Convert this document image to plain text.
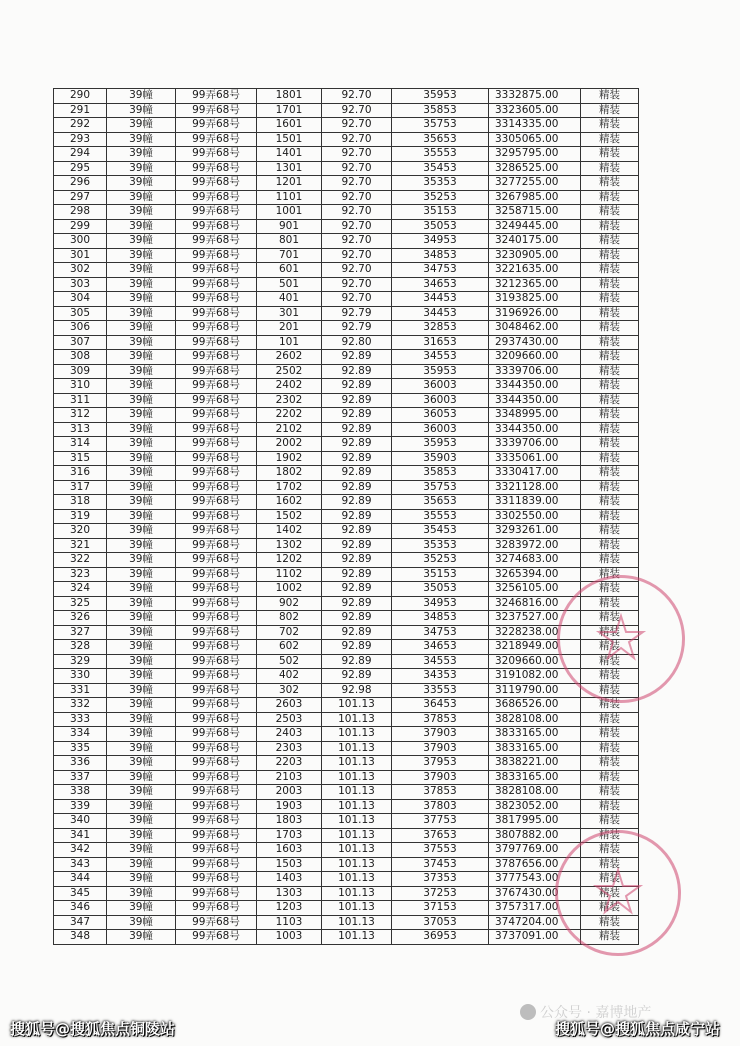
290	39幢	99弄68号	1801	92.70	35953	3332875.00	精装
291	39幢	99弄68号	1701	92.70	35853	3323605.00	精装
292	39幢	99弄68号	1601	92.70	35753	3314335.00	精装
293	39幢	99弄68号	1501	92.70	35653	3305065.00	精装
294	39幢	99弄68号	1401	92.70	35553	3295795.00	精装
295	39幢	99弄68号	1301	92.70	35453	3286525.00	精装
296	39幢	99弄68号	1201	92.70	35353	3277255.00	精装
297	39幢	99弄68号	1101	92.70	35253	3267985.00	精装
298	39幢	99弄68号	1001	92.70	35153	3258715.00	精装
299	39幢	99弄68号	901	92.70	35053	3249445.00	精装
300	39幢	99弄68号	801	92.70	34953	3240175.00	精装
301	39幢	99弄68号	701	92.70	34853	3230905.00	精装
302	39幢	99弄68号	601	92.70	34753	3221635.00	精装
303	39幢	99弄68号	501	92.70	34653	3212365.00	精装
304	39幢	99弄68号	401	92.70	34453	3193825.00	精装
305	39幢	99弄68号	301	92.79	34453	3196926.00	精装
306	39幢	99弄68号	201	92.79	32853	3048462.00	精装
307	39幢	99弄68号	101	92.80	31653	2937430.00	精装
308	39幢	99弄68号	2602	92.89	34553	3209660.00	精装
309	39幢	99弄68号	2502	92.89	35953	3339706.00	精装
310	39幢	99弄68号	2402	92.89	36003	3344350.00	精装
311	39幢	99弄68号	2302	92.89	36003	3344350.00	精装
312	39幢	99弄68号	2202	92.89	36053	3348995.00	精装
313	39幢	99弄68号	2102	92.89	36003	3344350.00	精装
314	39幢	99弄68号	2002	92.89	35953	3339706.00	精装
315	39幢	99弄68号	1902	92.89	35903	3335061.00	精装
316	39幢	99弄68号	1802	92.89	35853	3330417.00	精装
317	39幢	99弄68号	1702	92.89	35753	3321128.00	精装
318	39幢	99弄68号	1602	92.89	35653	3311839.00	精装
319	39幢	99弄68号	1502	92.89	35553	3302550.00	精装
320	39幢	99弄68号	1402	92.89	35453	3293261.00	精装
321	39幢	99弄68号	1302	92.89	35353	3283972.00	精装
322	39幢	99弄68号	1202	92.89	35253	3274683.00	精装
323	39幢	99弄68号	1102	92.89	35153	3265394.00	精装
324	39幢	99弄68号	1002	92.89	35053	3256105.00	精装
325	39幢	99弄68号	902	92.89	34953	3246816.00	精装
326	39幢	99弄68号	802	92.89	34853	3237527.00	精装
327	39幢	99弄68号	702	92.89	34753	3228238.00	精装
328	39幢	99弄68号	602	92.89	34653	3218949.00	精装
329	39幢	99弄68号	502	92.89	34553	3209660.00	精装
330	39幢	99弄68号	402	92.89	34353	3191082.00	精装
331	39幢	99弄68号	302	92.98	33553	3119790.00	精装
332	39幢	99弄68号	2603	101.13	36453	3686526.00	精装
333	39幢	99弄68号	2503	101.13	37853	3828108.00	精装
334	39幢	99弄68号	2403	101.13	37903	3833165.00	精装
335	39幢	99弄68号	2303	101.13	37903	3833165.00	精装
336	39幢	99弄68号	2203	101.13	37953	3838221.00	精装
337	39幢	99弄68号	2103	101.13	37903	3833165.00	精装
338	39幢	99弄68号	2003	101.13	37853	3828108.00	精装
339	39幢	99弄68号	1903	101.13	37803	3823052.00	精装
340	39幢	99弄68号	1803	101.13	37753	3817995.00	精装
341	39幢	99弄68号	1703	101.13	37653	3807882.00	精装
342	39幢	99弄68号	1603	101.13	37553	3797769.00	精装
343	39幢	99弄68号	1503	101.13	37453	3787656.00	精装
344	39幢	99弄68号	1403	101.13	37353	3777543.00	精装
345	39幢	99弄68号	1303	101.13	37253	3767430.00	精装
346	39幢	99弄68号	1203	101.13	37153	3757317.00	精装
347	39幢	99弄68号	1103	101.13	37053	3747204.00	精装
348	39幢	99弄68号	1003	101.13	36953	3737091.00	精装
公众号 · 嘉博地产
搜狐号@搜狐焦点铜陵站	搜狐号@搜狐焦点咸宁站
